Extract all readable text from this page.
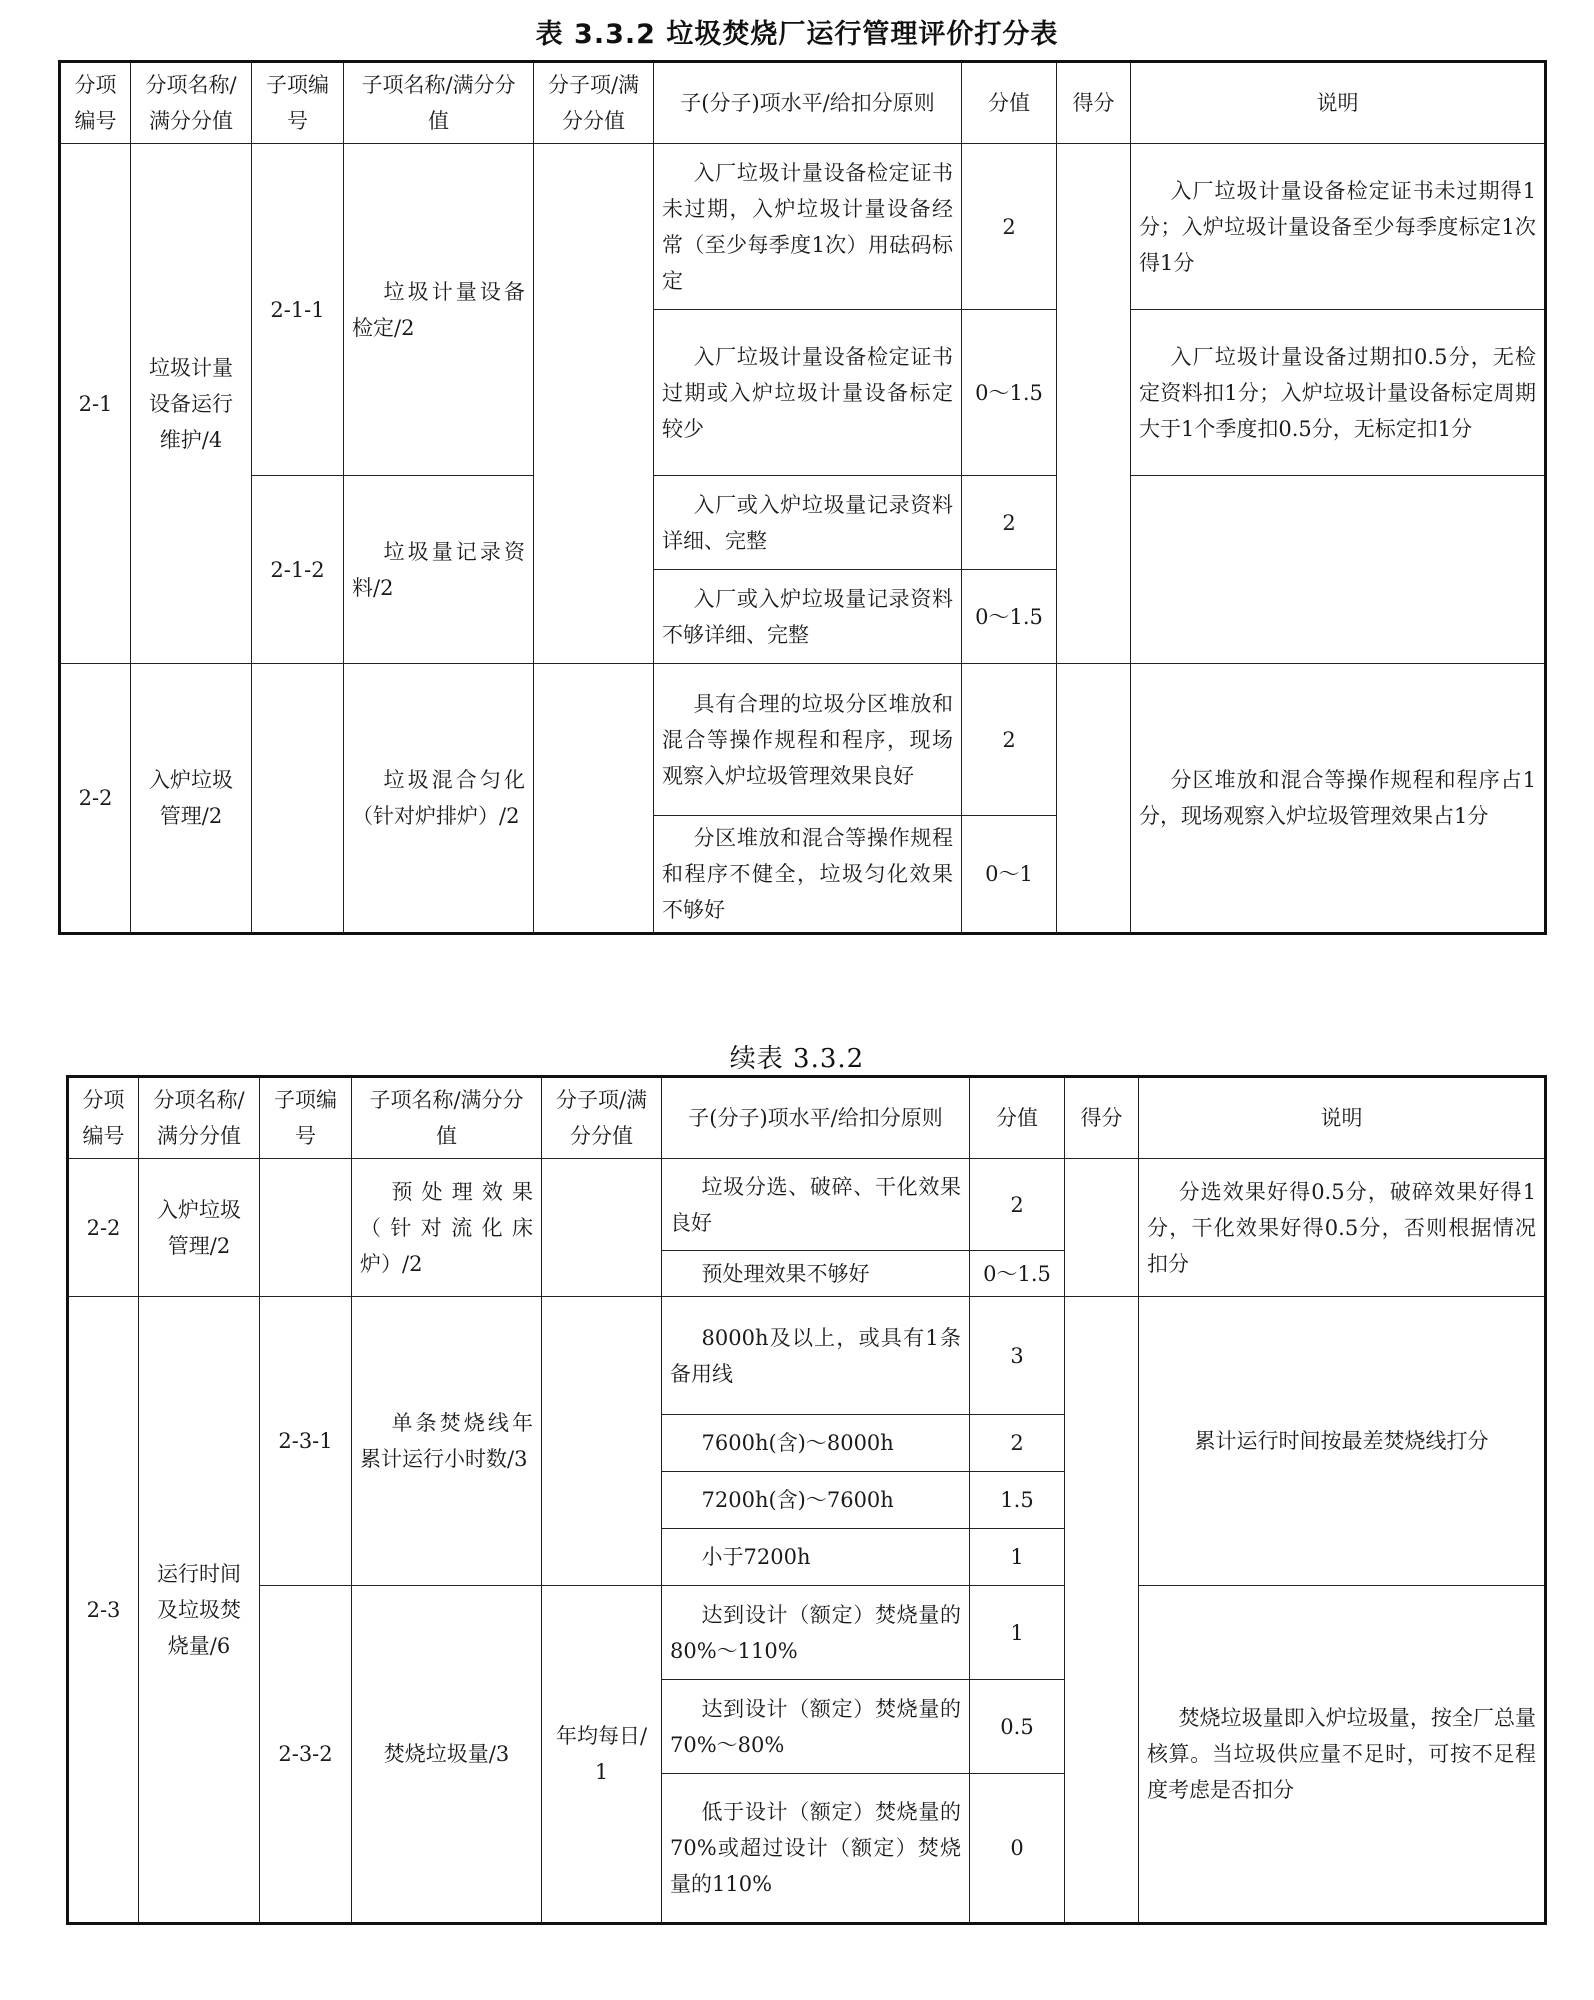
表 3.3.2 垃圾焚烧厂运行管理评价打分表
分项编号	分项名称/满分分值	子项编号	子项名称/满分分值	分子项/满分分值	子(分子)项水平/给扣分原则	分值	得分	说明
2-1	垃圾计量设备运行维护/4	2-1-1	垃圾计量设备检定/2		入厂垃圾计量设备检定证书未过期，入炉垃圾计量设备经常（至少每季度1次）用砝码标定	2		入厂垃圾计量设备检定证书未过期得1分；入炉垃圾计量设备至少每季度标定1次得1分
					入厂垃圾计量设备检定证书过期或入炉垃圾计量设备标定较少	0～1.5		入厂垃圾计量设备过期扣0.5分，无检定资料扣1分；入炉垃圾计量设备标定周期大于1个季度扣0.5分，无标定扣1分
		2-1-2	垃圾量记录资料/2		入厂或入炉垃圾量记录资料详细、完整	2		
					入厂或入炉垃圾量记录资料不够详细、完整	0～1.5		
2-2	入炉垃圾管理/2		垃圾混合匀化（针对炉排炉）/2		具有合理的垃圾分区堆放和混合等操作规程和程序，现场观察入炉垃圾管理效果良好	2		分区堆放和混合等操作规程和程序占1分，现场观察入炉垃圾管理效果占1分
					分区堆放和混合等操作规程和程序不健全，垃圾匀化效果不够好	0～1		
续表 3.3.2
分项编号	分项名称/满分分值	子项编号	子项名称/满分分值	分子项/满分分值	子(分子)项水平/给扣分原则	分值	得分	说明
2-2	入炉垃圾管理/2		预处理效果（针对流化床炉）/2		垃圾分选、破碎、干化效果良好	2		分选效果好得0.5分，破碎效果好得1分，干化效果好得0.5分，否则根据情况扣分
					预处理效果不够好	0～1.5		
2-3	运行时间及垃圾焚烧量/6	2-3-1	单条焚烧线年累计运行小时数/3		8000h及以上，或具有1条备用线	3		累计运行时间按最差焚烧线打分
					7600h(含)～8000h	2		
					7200h(含)～7600h	1.5		
					小于7200h	1		
		2-3-2	焚烧垃圾量/3	年均每日/1	达到设计（额定）焚烧量的80%～110%	1		焚烧垃圾量即入炉垃圾量，按全厂总量核算。当垃圾供应量不足时，可按不足程度考虑是否扣分
					达到设计（额定）焚烧量的70%～80%	0.5		
					低于设计（额定）焚烧量的70%或超过设计（额定）焚烧量的110%	0		
